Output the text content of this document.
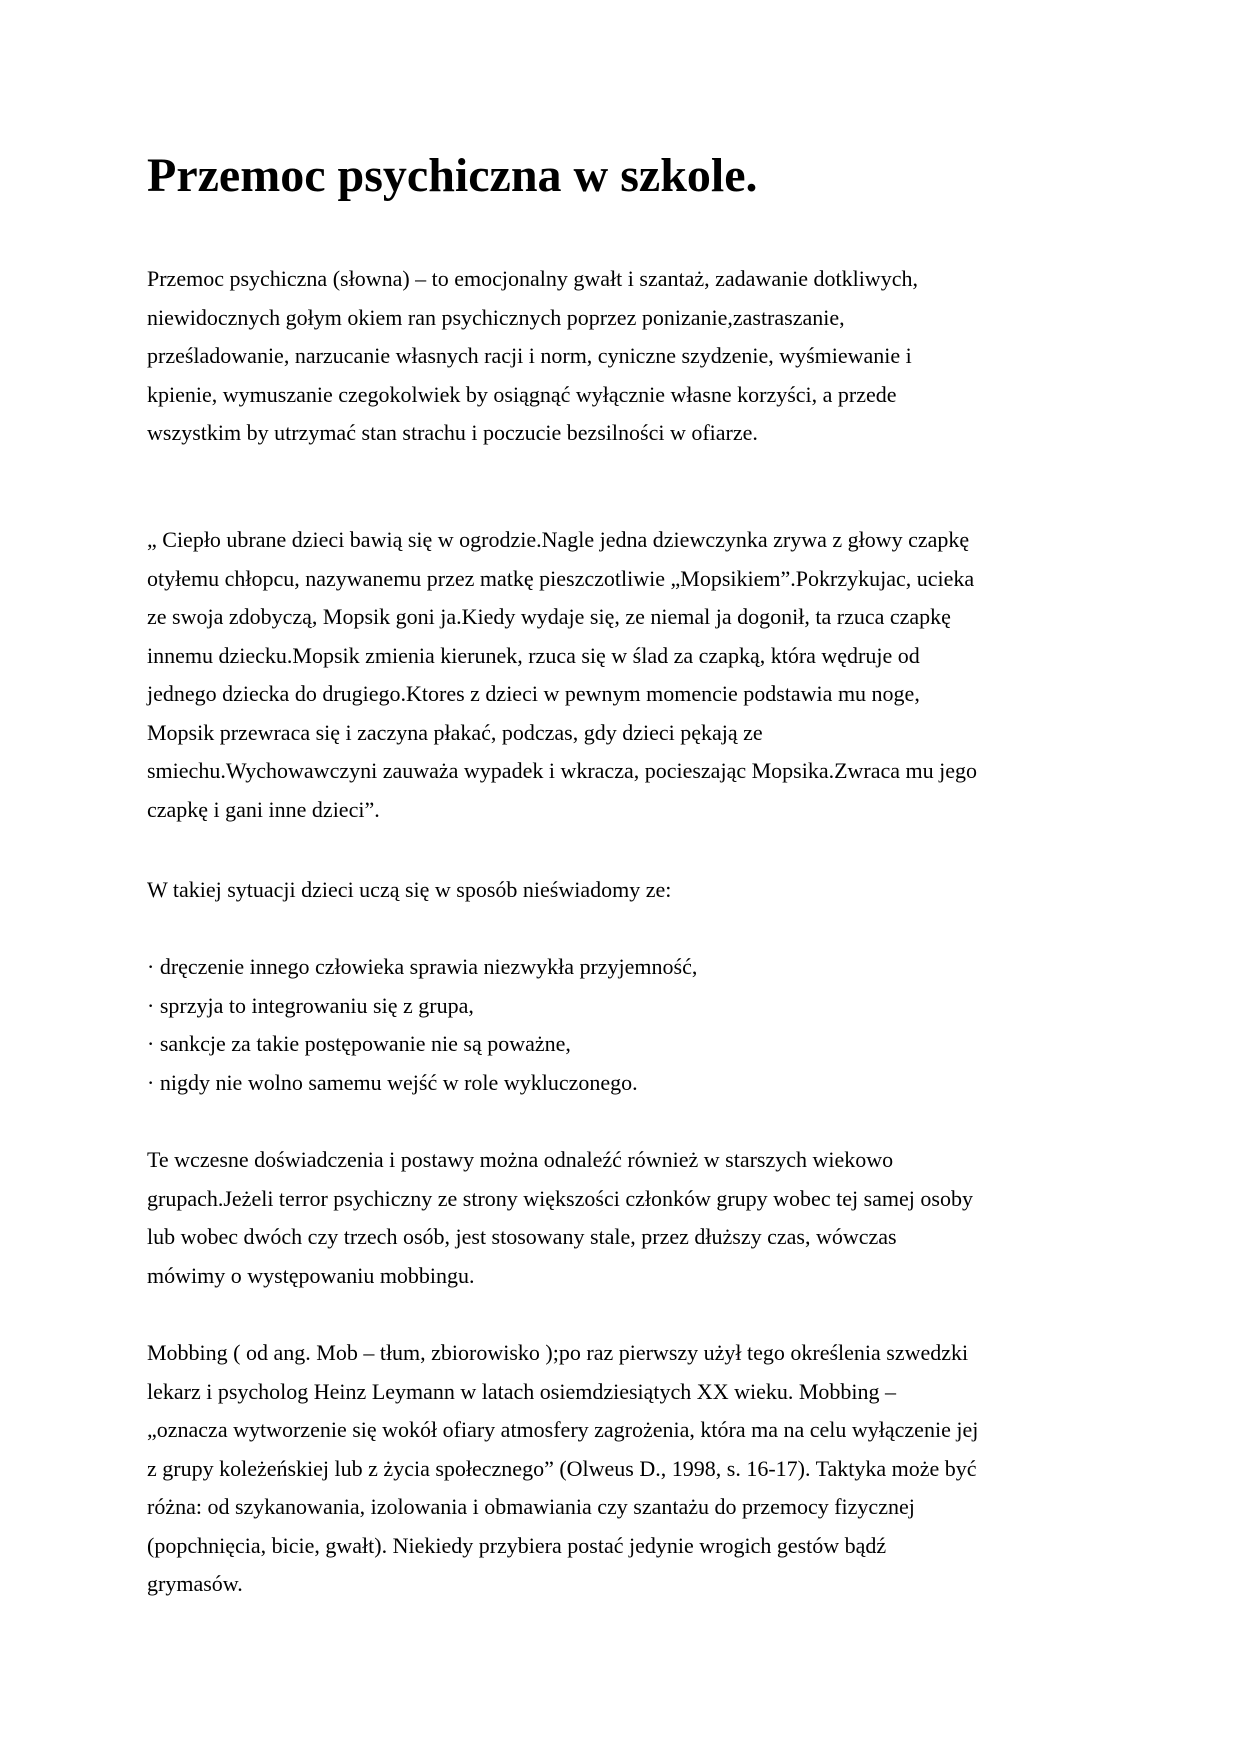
Przemoc psychiczna w szkole.

Przemoc psychiczna (słowna) – to emocjonalny gwałt i szantaż, zadawanie dotkliwych,
niewidocznych gołym okiem ran psychicznych poprzez ponizanie,zastraszanie,
prześladowanie, narzucanie własnych racji i norm, cyniczne szydzenie, wyśmiewanie i
kpienie, wymuszanie czegokolwiek by osiągnąć wyłącznie własne korzyści, a przede
wszystkim by utrzymać stan strachu i poczucie bezsilności w ofiarze.

„ Ciepło ubrane dzieci bawią się w ogrodzie.Nagle jedna dziewczynka zrywa z głowy czapkę
otyłemu chłopcu, nazywanemu przez matkę pieszczotliwie „Mopsikiem”.Pokrzykujac, ucieka
ze swoja zdobyczą, Mopsik goni ja.Kiedy wydaje się, ze niemal ja dogonił, ta rzuca czapkę
innemu dziecku.Mopsik zmienia kierunek, rzuca się w ślad za czapką, która wędruje od
jednego dziecka do drugiego.Ktores z dzieci w pewnym momencie podstawia mu noge,
Mopsik przewraca się i zaczyna płakać, podczas, gdy dzieci pękają ze
smiechu.Wychowawczyni zauważa wypadek i wkracza, pocieszając Mopsika.Zwraca mu jego
czapkę i gani inne dzieci”.

W takiej sytuacji dzieci uczą się w sposób nieświadomy ze:

· dręczenie innego człowieka sprawia niezwykła przyjemność,
· sprzyja to integrowaniu się z grupa,
· sankcje za takie postępowanie nie są poważne,
· nigdy nie wolno samemu wejść w role wykluczonego.

Te wczesne doświadczenia i postawy można odnaleźć również w starszych wiekowo
grupach.Jeżeli terror psychiczny ze strony większości członków grupy wobec tej samej osoby
lub wobec dwóch czy trzech osób, jest stosowany stale, przez dłuższy czas, wówczas
mówimy o występowaniu mobbingu.

Mobbing ( od ang. Mob – tłum, zbiorowisko );po raz pierwszy użył tego określenia szwedzki
lekarz i psycholog Heinz Leymann w latach osiemdziesiątych XX wieku. Mobbing –
„oznacza wytworzenie się wokół ofiary atmosfery zagrożenia, która ma na celu wyłączenie jej
z grupy koleżeńskiej lub z życia społecznego” (Olweus D., 1998, s. 16-17). Taktyka może być
różna: od szykanowania, izolowania i obmawiania czy szantażu do przemocy fizycznej
(popchnięcia, bicie, gwałt). Niekiedy przybiera postać jedynie wrogich gestów bądź
grymasów.
